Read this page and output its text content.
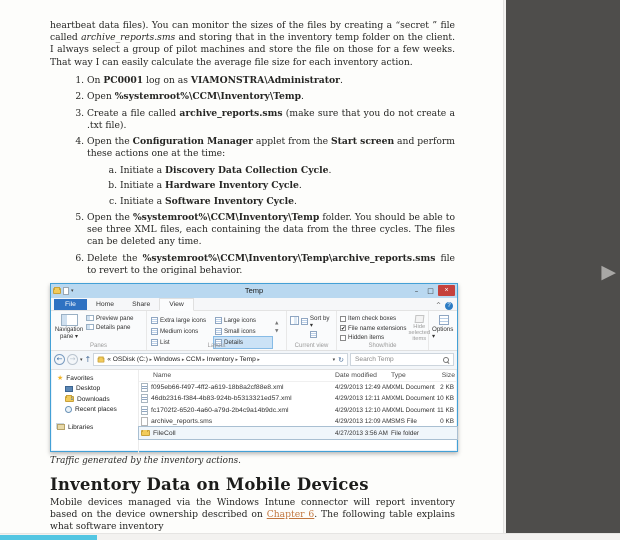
heartbeat data files). You can monitor the sizes of the files by creating a “secret ” file called archive_reports.sms and storing that in the inventory temp folder on the client. I always select a group of pilot machines and store the file on those for a few weeks. That way I can easily calculate the average file size for each inventory action.

1. On PC0001 log on as VIAMONSTRA\Administrator.
2. Open %systemroot%\CCM\Inventory\Temp.
3. Create a file called archive_reports.sms (make sure that you do not create a .txt file).
4. Open the Configuration Manager applet from the Start screen and perform these actions one at the time:
a. Initiate a Discovery Data Collection Cycle.
b. Initiate a Hardware Inventory Cycle.
c. Initiate a Software Inventory Cycle.
5. Open the %systemroot%\CCM\Inventory\Temp folder. You should be able to see three XML files, each containing the data from the three cycles. The files can be deleted any time.
6. Delete the %systemroot%\CCM\Inventory\Temp\archive_reports.sms file to revert to the original behavior.
▾	Temp	–	□	×
File	Home	Share	View	^	?
Navigation pane ▾
Preview pane
Details pane
Panes
Extra large icons	Large icons
Medium icons	Small icons
List	Details
▲
▼
Layout
Sort by ▾
Current view
Item check boxes
✔ File name extensions
Hidden items
Hide selected items
Show/hide
Options ▾
←	→ ▾ ↑ « OSDisk (C:) ▸ Windows ▸ CCM ▸ Inventory ▸ Temp ▸	▾ ↻ Search Temp
★ Favorites
Desktop
↓
Downloads
Recent places
Libraries
Name	Date modified	Type	Size
f095eb66-f497-4ff2-a619-18b8a2cf88e8.xml	4/29/2013 12:49 AM XML Document 2 KB
46db2316-f384-4b83-924b-b5313321ed57.xml	4/29/2013 12:11 AM XML Document 10 KB
fc1702f2-6520-4a60-a79d-2b4c9a14b9dc.xml	4/29/2013 12:10 AM XML Document 11 KB
archive_reports.sms	4/29/2013 12:09 AM SMS File	0 KB
FileColl	4/27/2013 3:56 AM File folder

Traffic generated by the inventory actions.

Inventory Data on Mobile Devices

Mobile devices managed via the Windows Intune connector will report inventory based on the device ownership described on Chapter 6. The following table explains what software inventory

▶
